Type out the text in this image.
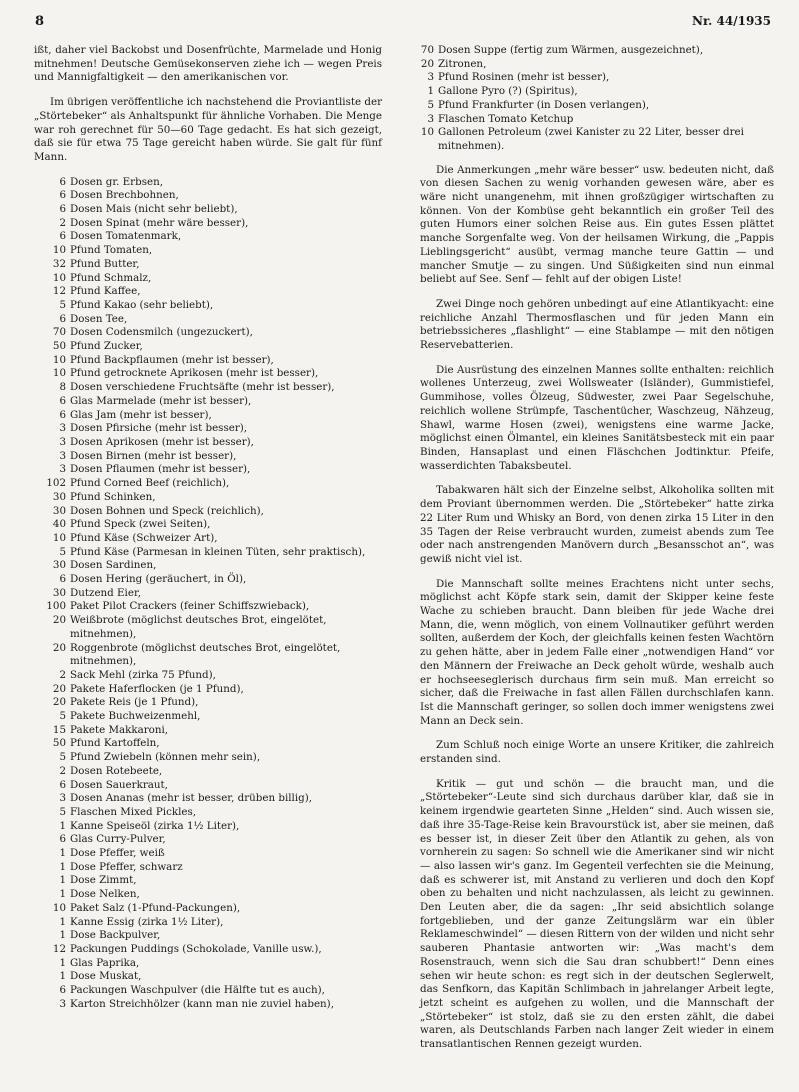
8	Nr. 44/1935

ißt, daher viel Backobst und Dosenfrüchte, Marmelade und Honig mitnehmen! Deutsche Gemüsekonserven ziehe ich — wegen Preis und Mannigfaltigkeit — den amerikanischen vor.

Im übrigen veröffentliche ich nachstehend die Proviantliste der „Störtebeker“ als Anhaltspunkt für ähnliche Vorhaben. Die Menge war roh gerechnet für 50—60 Tage gedacht. Es hat sich gezeigt, daß sie für etwa 75 Tage gereicht haben würde. Sie galt für fünf Mann.

6 Dosen gr. Erbsen,
6 Dosen Brechbohnen,
6 Dosen Mais (nicht sehr beliebt),
2 Dosen Spinat (mehr wäre besser),
6 Dosen Tomatenmark,
10 Pfund Tomaten,
32 Pfund Butter,
10 Pfund Schmalz,
12 Pfund Kaffee,
5 Pfund Kakao (sehr beliebt),
6 Dosen Tee,
70 Dosen Codensmilch (ungezuckert),
50 Pfund Zucker,
10 Pfund Backpflaumen (mehr ist besser),
10 Pfund getrocknete Aprikosen (mehr ist besser),
8 Dosen verschiedene Fruchtsäfte (mehr ist besser),
6 Glas Marmelade (mehr ist besser),
6 Glas Jam (mehr ist besser),
3 Dosen Pfirsiche (mehr ist besser),
3 Dosen Aprikosen (mehr ist besser),
3 Dosen Birnen (mehr ist besser),
3 Dosen Pflaumen (mehr ist besser),
102 Pfund Corned Beef (reichlich),
30 Pfund Schinken,
30 Dosen Bohnen und Speck (reichlich),
40 Pfund Speck (zwei Seiten),
10 Pfund Käse (Schweizer Art),
5 Pfund Käse (Parmesan in kleinen Tüten, sehr praktisch),
30 Dosen Sardinen,
6 Dosen Hering (geräuchert, in Öl),
30 Dutzend Eier,
100 Paket Pilot Crackers (feiner Schiffszwieback),
20 Weißbrote (möglichst deutsches Brot, eingelötet, mitnehmen),
20 Roggenbrote (möglichst deutsches Brot, eingelötet, mitnehmen),
2 Sack Mehl (zirka 75 Pfund),
20 Pakete Haferflocken (je 1 Pfund),
20 Pakete Reis (je 1 Pfund),
5 Pakete Buchweizenmehl,
15 Pakete Makkaroni,
50 Pfund Kartoffeln,
5 Pfund Zwiebeln (können mehr sein),
2 Dosen Rotebeete,
6 Dosen Sauerkraut,
3 Dosen Ananas (mehr ist besser, drüben billig),
5 Flaschen Mixed Pickles,
1 Kanne Speiseöl (zirka 1½ Liter),
6 Glas Curry-Pulver,
1 Dose Pfeffer, weiß
1 Dose Pfeffer, schwarz
1 Dose Zimmt,
1 Dose Nelken,
10 Paket Salz (1-Pfund-Packungen),
1 Kanne Essig (zirka 1½ Liter),
1 Dose Backpulver,
12 Packungen Puddings (Schokolade, Vanille usw.),
1 Glas Paprika,
1 Dose Muskat,
6 Packungen Waschpulver (die Hälfte tut es auch),
3 Karton Streichhölzer (kann man nie zuviel haben),
70 Dosen Suppe (fertig zum Wärmen, ausgezeichnet),
20 Zitronen,
3 Pfund Rosinen (mehr ist besser),
1 Gallone Pyro (?) (Spiritus),
5 Pfund Frankfurter (in Dosen verlangen),
3 Flaschen Tomato Ketchup
10 Gallonen Petroleum (zwei Kanister zu 22 Liter, besser drei mitnehmen).

Die Anmerkungen „mehr wäre besser“ usw. bedeuten nicht, daß von diesen Sachen zu wenig vorhanden gewesen wäre, aber es wäre nicht unangenehm, mit ihnen großzügiger wirtschaften zu können. Von der Kombüse geht bekanntlich ein großer Teil des guten Humors einer solchen Reise aus. Ein gutes Essen plättet manche Sorgenfalte weg. Von der heilsamen Wirkung, die „Pappis Lieblingsgericht“ ausübt, vermag manche teure Gattin — und mancher Smutje — zu singen. Und Süßigkeiten sind nun einmal beliebt auf See. Senf — fehlt auf der obigen Liste!

Zwei Dinge noch gehören unbedingt auf eine Atlantikyacht: eine reichliche Anzahl Thermosflaschen und für jeden Mann ein betriebssicheres „flashlight“ — eine Stablampe — mit den nötigen Reservebatterien.

Die Ausrüstung des einzelnen Mannes sollte enthalten: reichlich wollenes Unterzeug, zwei Wollsweater (Isländer), Gummistiefel, Gummihose, volles Ölzeug, Südwester, zwei Paar Segelschuhe, reichlich wollene Strümpfe, Taschentücher, Waschzeug, Nähzeug, Shawl, warme Hosen (zwei), wenigstens eine warme Jacke, möglichst einen Ölmantel, ein kleines Sanitätsbesteck mit ein paar Binden, Hansaplast und einen Fläschchen Jodtinktur. Pfeife, wasserdichten Tabaksbeutel.

Tabakwaren hält sich der Einzelne selbst, Alkoholika sollten mit dem Proviant übernommen werden. Die „Störtebeker“ hatte zirka 22 Liter Rum und Whisky an Bord, von denen zirka 15 Liter in den 35 Tagen der Reise verbraucht wurden, zumeist abends zum Tee oder nach anstrengenden Manövern durch „Besansschot an“, was gewiß nicht viel ist.

Die Mannschaft sollte meines Erachtens nicht unter sechs, möglichst acht Köpfe stark sein, damit der Skipper keine feste Wache zu schieben braucht. Dann bleiben für jede Wache drei Mann, die, wenn möglich, von einem Vollnautiker geführt werden sollten, außerdem der Koch, der gleichfalls keinen festen Wachtörn zu gehen hätte, aber in jedem Falle einer „notwendigen Hand“ vor den Männern der Freiwache an Deck geholt würde, weshalb auch er hochseeseglerisch durchaus firm sein muß. Man erreicht so sicher, daß die Freiwache in fast allen Fällen durchschlafen kann. Ist die Mannschaft geringer, so sollen doch immer wenigstens zwei Mann an Deck sein.

Zum Schluß noch einige Worte an unsere Kritiker, die zahlreich erstanden sind.

Kritik — gut und schön — die braucht man, und die „Störtebeker“-Leute sind sich durchaus darüber klar, daß sie in keinem irgendwie gearteten Sinne „Helden“ sind. Auch wissen sie, daß ihre 35-Tage-Reise kein Bravourstück ist, aber sie meinen, daß es besser ist, in dieser Zeit über den Atlantik zu gehen, als von vornherein zu sagen: So schnell wie die Amerikaner sind wir nicht — also lassen wir's ganz. Im Gegenteil verfechten sie die Meinung, daß es schwerer ist, mit Anstand zu verlieren und doch den Kopf oben zu behalten und nicht nachzulassen, als leicht zu gewinnen. Den Leuten aber, die da sagen: „Ihr seid absichtlich solange fortgeblieben, und der ganze Zeitungslärm war ein übler Reklameschwindel“ — diesen Rittern von der wilden und nicht sehr sauberen Phantasie antworten wir: „Was macht's dem Rosenstrauch, wenn sich die Sau dran schubbert!“ Denn eines sehen wir heute schon: es regt sich in der deutschen Seglerwelt, das Senfkorn, das Kapitän Schlimbach in jahrelanger Arbeit legte, jetzt scheint es aufgehen zu wollen, und die Mannschaft der „Störtebeker“ ist stolz, daß sie zu den ersten zählt, die dabei waren, als Deutschlands Farben nach langer Zeit wieder in einem transatlantischen Rennen gezeigt wurden.
